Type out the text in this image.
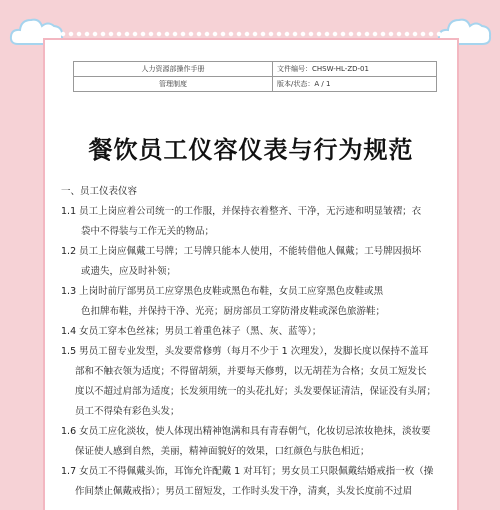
人力资源部操作手册	文件编号：CHSW-HL-ZD-01
管理制度	版本/状态：A / 1
餐饮员工仪容仪表与行为规范
一、员工仪表仪容
1.1 员工上岗应着公司统一的工作服，并保持衣着整齐、干净，无污迹和明显皱褶；衣
袋中不得装与工作无关的物品；
1.2 员工上岗应佩戴工号牌；工号牌只能本人使用，不能转借他人佩戴；工号牌因损坏
或遗失，应及时补领；
1.3 上岗时前厅部男员工应穿黑色皮鞋或黑色布鞋，女员工应穿黑色皮鞋或黑
色扣牌布鞋，并保持干净、光亮；厨房部员工穿防滑皮鞋或深色旅游鞋；
1.4 女员工穿本色丝袜；男员工着重色袜子（黑、灰、蓝等）；
1.5 男员工留专业发型，头发要常修剪（每月不少于 1 次理发），发脚长度以保持不盖耳
部和不触衣领为适度；不得留胡须，并要每天修剪，以无胡茬为合格；女员工短发长
度以不超过肩部为适度；长发须用统一的头花扎好；头发要保证清洁，保证没有头屑；
员工不得染有彩色头发；
1.6 女员工应化淡妆，使人体现出精神饱满和具有青春朝气，化妆切忌浓妆艳抹，淡妆要
保证使人感到自然，美丽，精神面貌好的效果，口红颜色与肤色相近；
1.7 女员工不得佩戴头饰，耳饰允许配戴 1 对耳钉；男女员工只限佩戴结婚戒指一枚（操
作间禁止佩戴戒指）；男员工留短发，工作时头发干净，清爽，头发长度前不过眉
